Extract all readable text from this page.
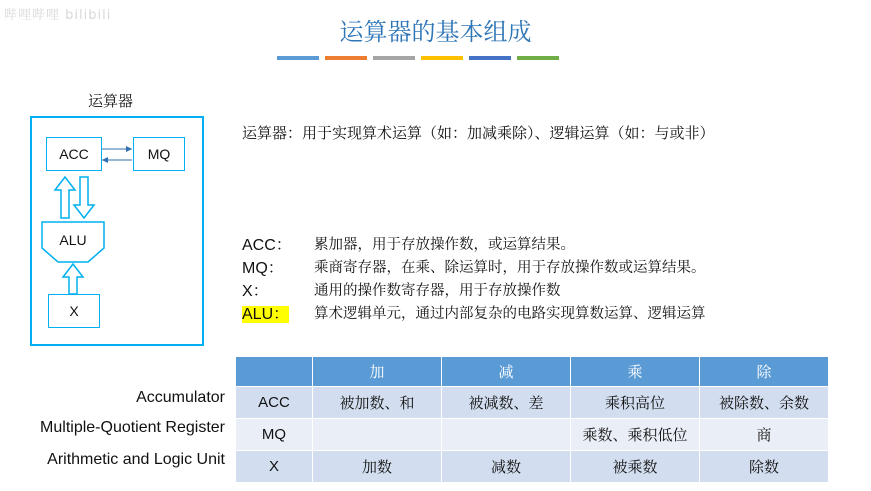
哔哩哔哩 bilibili
运算器的基本组成
运算器
ACC	MQ
ALU
X
运算器：用于实现算术运算（如：加减乘除）、逻辑运算（如：与或非）
ACC：	累加器，用于存放操作数，或运算结果。
MQ：	乘商寄存器，在乘、除运算时，用于存放操作数或运算结果。
X：	通用的操作数寄存器，用于存放操作数
ALU：	算术逻辑单元，通过内部复杂的电路实现算数运算、逻辑运算
Accumulator
Multiple-Quotient Register
Arithmetic and Logic Unit
	加	减	乘	除
ACC	被加数、和	被减数、差	乘积高位	被除数、余数
MQ			乘数、乘积低位	商
X	加数	减数	被乘数	除数
